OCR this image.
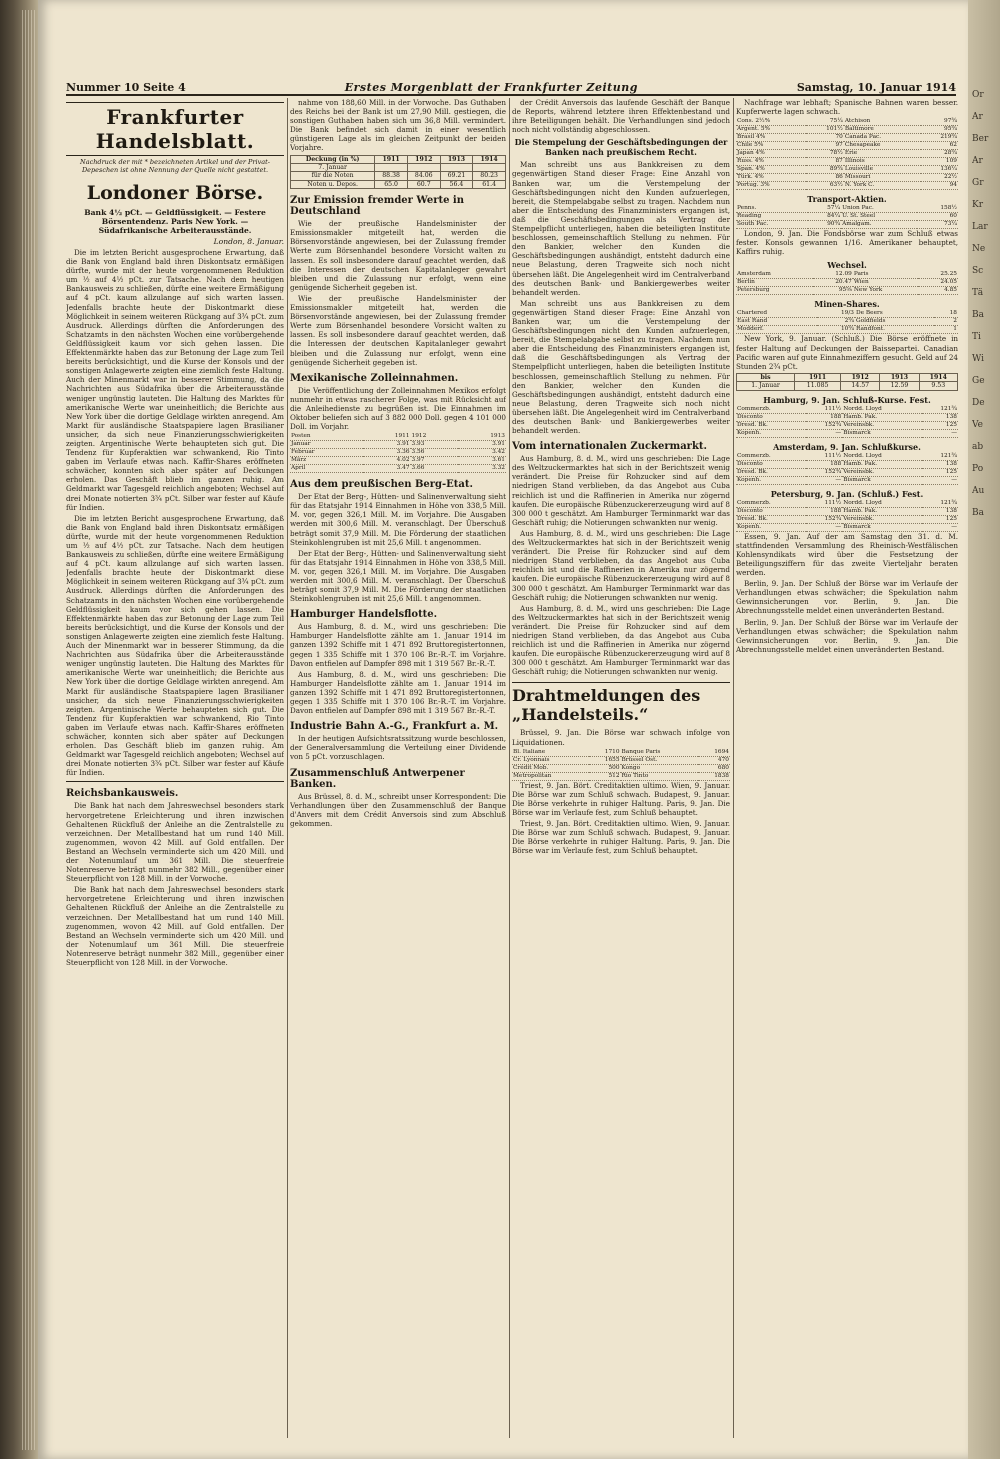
Or
Ar
Ber
Ar
Gr
Kr
Lar
Ne
Sc
Tä
Ba
Ti
Wi
Ge
De
Ve
ab
Po
Au
Ba
Nummer 10 Seite 4	Erstes Morgenblatt der Frankfurter Zeitung	Samstag, 10. Januar 1914
Frankfurter Handelsblatt.
Nachdruck der mit * bezeichneten Artikel und der Privat-Depeschen ist ohne Nennung der Quelle nicht gestattet.
Londoner Börse.
Bank 4½ pCt. — Geldflüssigkeit. — Festere Börsentendenz. Paris New York. — Südafrikanische Arbeiterausstände.
London, 8. Januar.

Die im letzten Bericht ausgesprochene Erwartung, daß die Bank von England bald ihren Diskontsatz ermäßigen dürfte, wurde mit der heute vorgenommenen Reduktion um ½ auf 4½ pCt. zur Tatsache. Nach dem heutigen Bankausweis zu schließen, dürfte eine weitere Ermäßigung auf 4 pCt. kaum allzulange auf sich warten lassen. Jedenfalls brachte heute der Diskontmarkt diese Möglichkeit in seinem weiteren Rückgang auf 3¾ pCt. zum Ausdruck. Allerdings dürften die Anforderungen des Schatzamts in den nächsten Wochen eine vorübergehende Geldflüssigkeit kaum vor sich gehen lassen. Die Effektenmärkte haben das zur Betonung der Lage zum Teil bereits berücksichtigt, und die Kurse der Konsols und der sonstigen Anlagewerte zeigten eine ziemlich feste Haltung. Auch der Minenmarkt war in besserer Stimmung, da die Nachrichten aus Südafrika über die Arbeiterausstände weniger ungünstig lauteten. Die Haltung des Marktes für amerikanische Werte war uneinheitlich; die Berichte aus New York über die dortige Geldlage wirkten anregend. Am Markt für ausländische Staatspapiere lagen Brasilianer unsicher, da sich neue Finanzierungsschwierigkeiten zeigten. Argentinische Werte behaupteten sich gut. Die Tendenz für Kupferaktien war schwankend, Rio Tinto gaben im Verlaufe etwas nach. Kaffir-Shares eröffneten schwächer, konnten sich aber später auf Deckungen erholen. Das Geschäft blieb im ganzen ruhig. Am Geldmarkt war Tagesgeld reichlich angeboten; Wechsel auf drei Monate notierten 3¾ pCt. Silber war fester auf Käufe für Indien.

Die im letzten Bericht ausgesprochene Erwartung, daß die Bank von England bald ihren Diskontsatz ermäßigen dürfte, wurde mit der heute vorgenommenen Reduktion um ½ auf 4½ pCt. zur Tatsache. Nach dem heutigen Bankausweis zu schließen, dürfte eine weitere Ermäßigung auf 4 pCt. kaum allzulange auf sich warten lassen. Jedenfalls brachte heute der Diskontmarkt diese Möglichkeit in seinem weiteren Rückgang auf 3¾ pCt. zum Ausdruck. Allerdings dürften die Anforderungen des Schatzamts in den nächsten Wochen eine vorübergehende Geldflüssigkeit kaum vor sich gehen lassen. Die Effektenmärkte haben das zur Betonung der Lage zum Teil bereits berücksichtigt, und die Kurse der Konsols und der sonstigen Anlagewerte zeigten eine ziemlich feste Haltung. Auch der Minenmarkt war in besserer Stimmung, da die Nachrichten aus Südafrika über die Arbeiterausstände weniger ungünstig lauteten. Die Haltung des Marktes für amerikanische Werte war uneinheitlich; die Berichte aus New York über die dortige Geldlage wirkten anregend. Am Markt für ausländische Staatspapiere lagen Brasilianer unsicher, da sich neue Finanzierungsschwierigkeiten zeigten. Argentinische Werte behaupteten sich gut. Die Tendenz für Kupferaktien war schwankend, Rio Tinto gaben im Verlaufe etwas nach. Kaffir-Shares eröffneten schwächer, konnten sich aber später auf Deckungen erholen. Das Geschäft blieb im ganzen ruhig. Am Geldmarkt war Tagesgeld reichlich angeboten; Wechsel auf drei Monate notierten 3¾ pCt. Silber war fester auf Käufe für Indien.

Reichsbankausweis.

Die Bank hat nach dem Jahreswechsel besonders stark hervorgetretene Erleichterung und ihren inzwischen Gehaltenen Rückfluß der Anleihe an die Zentralstelle zu verzeichnen. Der Metallbestand hat um rund 140 Mill. zugenommen, wovon 42 Mill. auf Gold entfallen. Der Bestand an Wechseln verminderte sich um 420 Mill. und der Notenumlauf um 361 Mill. Die steuerfreie Notenreserve beträgt nunmehr 382 Mill., gegenüber einer Steuerpflicht von 128 Mill. in der Vorwoche.

Die Bank hat nach dem Jahreswechsel besonders stark hervorgetretene Erleichterung und ihren inzwischen Gehaltenen Rückfluß der Anleihe an die Zentralstelle zu verzeichnen. Der Metallbestand hat um rund 140 Mill. zugenommen, wovon 42 Mill. auf Gold entfallen. Der Bestand an Wechseln verminderte sich um 420 Mill. und der Notenumlauf um 361 Mill. Die steuerfreie Notenreserve beträgt nunmehr 382 Mill., gegenüber einer Steuerpflicht von 128 Mill. in der Vorwoche.

nahme von 188,60 Mill. in der Vorwoche. Das Guthaben des Reichs bei der Bank ist um 27,90 Mill. gestiegen, die sonstigen Guthaben haben sich um 36,8 Mill. vermindert. Die Bank befindet sich damit in einer wesentlich günstigeren Lage als im gleichen Zeitpunkt der beiden Vorjahre.

Deckung (in %)	1911	1912	1913	1914
7. Januar				
für die Noten	88.38	84.06	69.21	80.23
Noten u. Depos.	65.0	60.7	56.4	61.4
Zur Emission fremder Werte in Deutschland

Wie der preußische Handelsminister der Emissionsmakler mitgeteilt hat, werden die Börsenvorstände angewiesen, bei der Zulassung fremder Werte zum Börsenhandel besondere Vorsicht walten zu lassen. Es soll insbesondere darauf geachtet werden, daß die Interessen der deutschen Kapitalanleger gewahrt bleiben und die Zulassung nur erfolgt, wenn eine genügende Sicherheit gegeben ist.

Wie der preußische Handelsminister der Emissionsmakler mitgeteilt hat, werden die Börsenvorstände angewiesen, bei der Zulassung fremder Werte zum Börsenhandel besondere Vorsicht walten zu lassen. Es soll insbesondere darauf geachtet werden, daß die Interessen der deutschen Kapitalanleger gewahrt bleiben und die Zulassung nur erfolgt, wenn eine genügende Sicherheit gegeben ist.

Mexikanische Zolleinnahmen.

Die Veröffentlichung der Zolleinnahmen Mexikos erfolgt nunmehr in etwas rascherer Folge, was mit Rücksicht auf die Anleihedienste zu begrüßen ist. Die Einnahmen im Oktober beliefen sich auf 3 882 000 Doll. gegen 4 101 000 Doll. im Vorjahr.

Posten	1911	1912	1913
Januar	3.91	3.93	3.91
Februar	3.36	3.56	3.42
März	4.02	3.97	3.61
April	3.47	3.66	3.32
Aus dem preußischen Berg-Etat.

Der Etat der Berg-, Hütten- und Salinenverwaltung sieht für das Etatsjahr 1914 Einnahmen in Höhe von 338,5 Mill. M. vor, gegen 326,1 Mill. M. im Vorjahre. Die Ausgaben werden mit 300,6 Mill. M. veranschlagt. Der Überschuß beträgt somit 37,9 Mill. M. Die Förderung der staatlichen Steinkohlengruben ist mit 25,6 Mill. t angenommen.

Der Etat der Berg-, Hütten- und Salinenverwaltung sieht für das Etatsjahr 1914 Einnahmen in Höhe von 338,5 Mill. M. vor, gegen 326,1 Mill. M. im Vorjahre. Die Ausgaben werden mit 300,6 Mill. M. veranschlagt. Der Überschuß beträgt somit 37,9 Mill. M. Die Förderung der staatlichen Steinkohlengruben ist mit 25,6 Mill. t angenommen.

Hamburger Handelsflotte.

Aus Hamburg, 8. d. M., wird uns geschrieben: Die Hamburger Handelsflotte zählte am 1. Januar 1914 im ganzen 1392 Schiffe mit 1 471 892 Bruttoregistertonnen, gegen 1 335 Schiffe mit 1 370 106 Br.-R.-T. im Vorjahre. Davon entfielen auf Dampfer 898 mit 1 319 567 Br.-R.-T.

Aus Hamburg, 8. d. M., wird uns geschrieben: Die Hamburger Handelsflotte zählte am 1. Januar 1914 im ganzen 1392 Schiffe mit 1 471 892 Bruttoregistertonnen, gegen 1 335 Schiffe mit 1 370 106 Br.-R.-T. im Vorjahre. Davon entfielen auf Dampfer 898 mit 1 319 567 Br.-R.-T.

Industrie Bahn A.-G., Frankfurt a. M.

In der heutigen Aufsichtsratssitzung wurde beschlossen, der Generalversammlung die Verteilung einer Dividende von 5 pCt. vorzuschlagen.

Zusammenschluß Antwerpener Banken.

Aus Brüssel, 8. d. M., schreibt unser Korrespondent: Die Verhandlungen über den Zusammenschluß der Banque d'Anvers mit dem Crédit Anversois sind zum Abschluß gekommen.

der Crédit Anversois das laufende Geschäft der Banque de Reports, während letztere ihren Effektenbestand und ihre Beteiligungen behält. Die Verhandlungen sind jedoch noch nicht vollständig abgeschlossen.

Die Stempelung der Geschäftsbedingungen der Banken nach preußischem Recht.

Man schreibt uns aus Bankkreisen zu dem gegenwärtigen Stand dieser Frage: Eine Anzahl von Banken war, um die Verstempelung der Geschäftsbedingungen nicht den Kunden aufzuerlegen, bereit, die Stempelabgabe selbst zu tragen. Nachdem nun aber die Entscheidung des Finanzministers ergangen ist, daß die Geschäftsbedingungen als Vertrag der Stempelpflicht unterliegen, haben die beteiligten Institute beschlossen, gemeinschaftlich Stellung zu nehmen. Für den Bankier, welcher den Kunden die Geschäftsbedingungen aushändigt, entsteht dadurch eine neue Belastung, deren Tragweite sich noch nicht übersehen läßt. Die Angelegenheit wird im Centralverband des deutschen Bank- und Bankiergewerbes weiter behandelt werden.

Man schreibt uns aus Bankkreisen zu dem gegenwärtigen Stand dieser Frage: Eine Anzahl von Banken war, um die Verstempelung der Geschäftsbedingungen nicht den Kunden aufzuerlegen, bereit, die Stempelabgabe selbst zu tragen. Nachdem nun aber die Entscheidung des Finanzministers ergangen ist, daß die Geschäftsbedingungen als Vertrag der Stempelpflicht unterliegen, haben die beteiligten Institute beschlossen, gemeinschaftlich Stellung zu nehmen. Für den Bankier, welcher den Kunden die Geschäftsbedingungen aushändigt, entsteht dadurch eine neue Belastung, deren Tragweite sich noch nicht übersehen läßt. Die Angelegenheit wird im Centralverband des deutschen Bank- und Bankiergewerbes weiter behandelt werden.

Vom internationalen Zuckermarkt.

Aus Hamburg, 8. d. M., wird uns geschrieben: Die Lage des Weltzuckermarktes hat sich in der Berichtszeit wenig verändert. Die Preise für Rohzucker sind auf dem niedrigen Stand verblieben, da das Angebot aus Cuba reichlich ist und die Raffinerien in Amerika nur zögernd kaufen. Die europäische Rübenzuckererzeugung wird auf 8 300 000 t geschätzt. Am Hamburger Terminmarkt war das Geschäft ruhig; die Notierungen schwankten nur wenig.

Aus Hamburg, 8. d. M., wird uns geschrieben: Die Lage des Weltzuckermarktes hat sich in der Berichtszeit wenig verändert. Die Preise für Rohzucker sind auf dem niedrigen Stand verblieben, da das Angebot aus Cuba reichlich ist und die Raffinerien in Amerika nur zögernd kaufen. Die europäische Rübenzuckererzeugung wird auf 8 300 000 t geschätzt. Am Hamburger Terminmarkt war das Geschäft ruhig; die Notierungen schwankten nur wenig.

Aus Hamburg, 8. d. M., wird uns geschrieben: Die Lage des Weltzuckermarktes hat sich in der Berichtszeit wenig verändert. Die Preise für Rohzucker sind auf dem niedrigen Stand verblieben, da das Angebot aus Cuba reichlich ist und die Raffinerien in Amerika nur zögernd kaufen. Die europäische Rübenzuckererzeugung wird auf 8 300 000 t geschätzt. Am Hamburger Terminmarkt war das Geschäft ruhig; die Notierungen schwankten nur wenig.

Drahtmeldungen des „Handelsteils.“

Brüssel, 9. Jan. Die Börse war schwach infolge von Liquidationen.

Bl. Italiane	1710	Banque Paris	1694
Cr. Lyonnais	1655	Brüssel Ost.	470
Crédit Mob.	500	Kongo	680
Metropolitan	512	Rio Tinto	1838

Triest, 9. Jan. Bört. Creditaktien ultimo. Wien, 9. Januar. Die Börse war zum Schluß schwach. Budapest, 9. Januar. Die Börse verkehrte in ruhiger Haltung. Paris, 9. Jan. Die Börse war im Verlaufe fest, zum Schluß behauptet.

Triest, 9. Jan. Bört. Creditaktien ultimo. Wien, 9. Januar. Die Börse war zum Schluß schwach. Budapest, 9. Januar. Die Börse verkehrte in ruhiger Haltung. Paris, 9. Jan. Die Börse war im Verlaufe fest, zum Schluß behauptet.

Nachfrage war lebhaft; Spanische Bahnen waren besser. Kupferwerte lagen schwach.

Cons. 2½%	75¼	Atchison	97¾
Argent. 5%	101½	Baltimore	95¾
Brasil 4%	70	Canada Pac.	219¾
Chile 5%	97	Chesapeake	62
Japan 4%	78½	Erie	28¾
Russ. 4%	87	Illinois	109
Span. 4%	89¾	Louisville	136¼
Türk. 4%	86	Missouri	22½
Portug. 3%	63½	N. York C.	94
Transport-Aktien.
Penns.	57¼	Union Pac.	158½
Reading	84¼	U. St. Steel	60
South Pac.	90¾	Amalgam.	73¼

London, 9. Jan. Die Fondsbörse war zum Schluß etwas fester. Konsols gewannen 1/16. Amerikaner behauptet, Kaffirs ruhig.

Wechsel.
Amsterdam	12.09	Paris	25.25
Berlin	20.47	Wien	24.05
Petersburg	95⅝	New York	4.85
Minen-Shares.
Chartered	19/3	De Beers	18
East Rand	2¾	Goldfields	2
Modderf.	10¾	Randfont.	1

New York, 9. Januar. (Schluß.) Die Börse eröffnete in fester Haltung auf Deckungen der Baissepartei. Canadian Pacific waren auf gute Einnahmeziffern gesucht. Geld auf 24 Stunden 2¾ pCt.

bis	1911	1912	1913	1914
1. Januar	11.085	14.57	12.59	9.53
Hamburg, 9. Jan. Schluß-Kurse. Fest.
Commerzb.	111½	Nordd. Lloyd	121¾
Disconto	188	Hamb. Pak.	138
Dresd. Bk.	152¾	Vereinsbk.	125
Kopenh.	—	Bismarck	—
Amsterdam, 9. Jan. Schlußkurse.
Commerzb.	111½	Nordd. Lloyd	121¾
Disconto	188	Hamb. Pak.	138
Dresd. Bk.	152¾	Vereinsbk.	125
Kopenh.	—	Bismarck	—
Petersburg, 9. Jan. (Schluß.) Fest.
Commerzb.	111½	Nordd. Lloyd	121¾
Disconto	188	Hamb. Pak.	138
Dresd. Bk.	152¾	Vereinsbk.	125
Kopenh.	—	Bismarck	—

Essen, 9. Jan. Auf der am Samstag den 31. d. M. stattfindenden Versammlung des Rheinisch-Westfälischen Kohlensyndikats wird über die Festsetzung der Beteiligungsziffern für das zweite Vierteljahr beraten werden.

Berlin, 9. Jan. Der Schluß der Börse war im Verlaufe der Verhandlungen etwas schwächer; die Spekulation nahm Gewinnsicherungen vor. Berlin, 9. Jan. Die Abrechnungsstelle meldet einen unveränderten Bestand.

Berlin, 9. Jan. Der Schluß der Börse war im Verlaufe der Verhandlungen etwas schwächer; die Spekulation nahm Gewinnsicherungen vor. Berlin, 9. Jan. Die Abrechnungsstelle meldet einen unveränderten Bestand.
